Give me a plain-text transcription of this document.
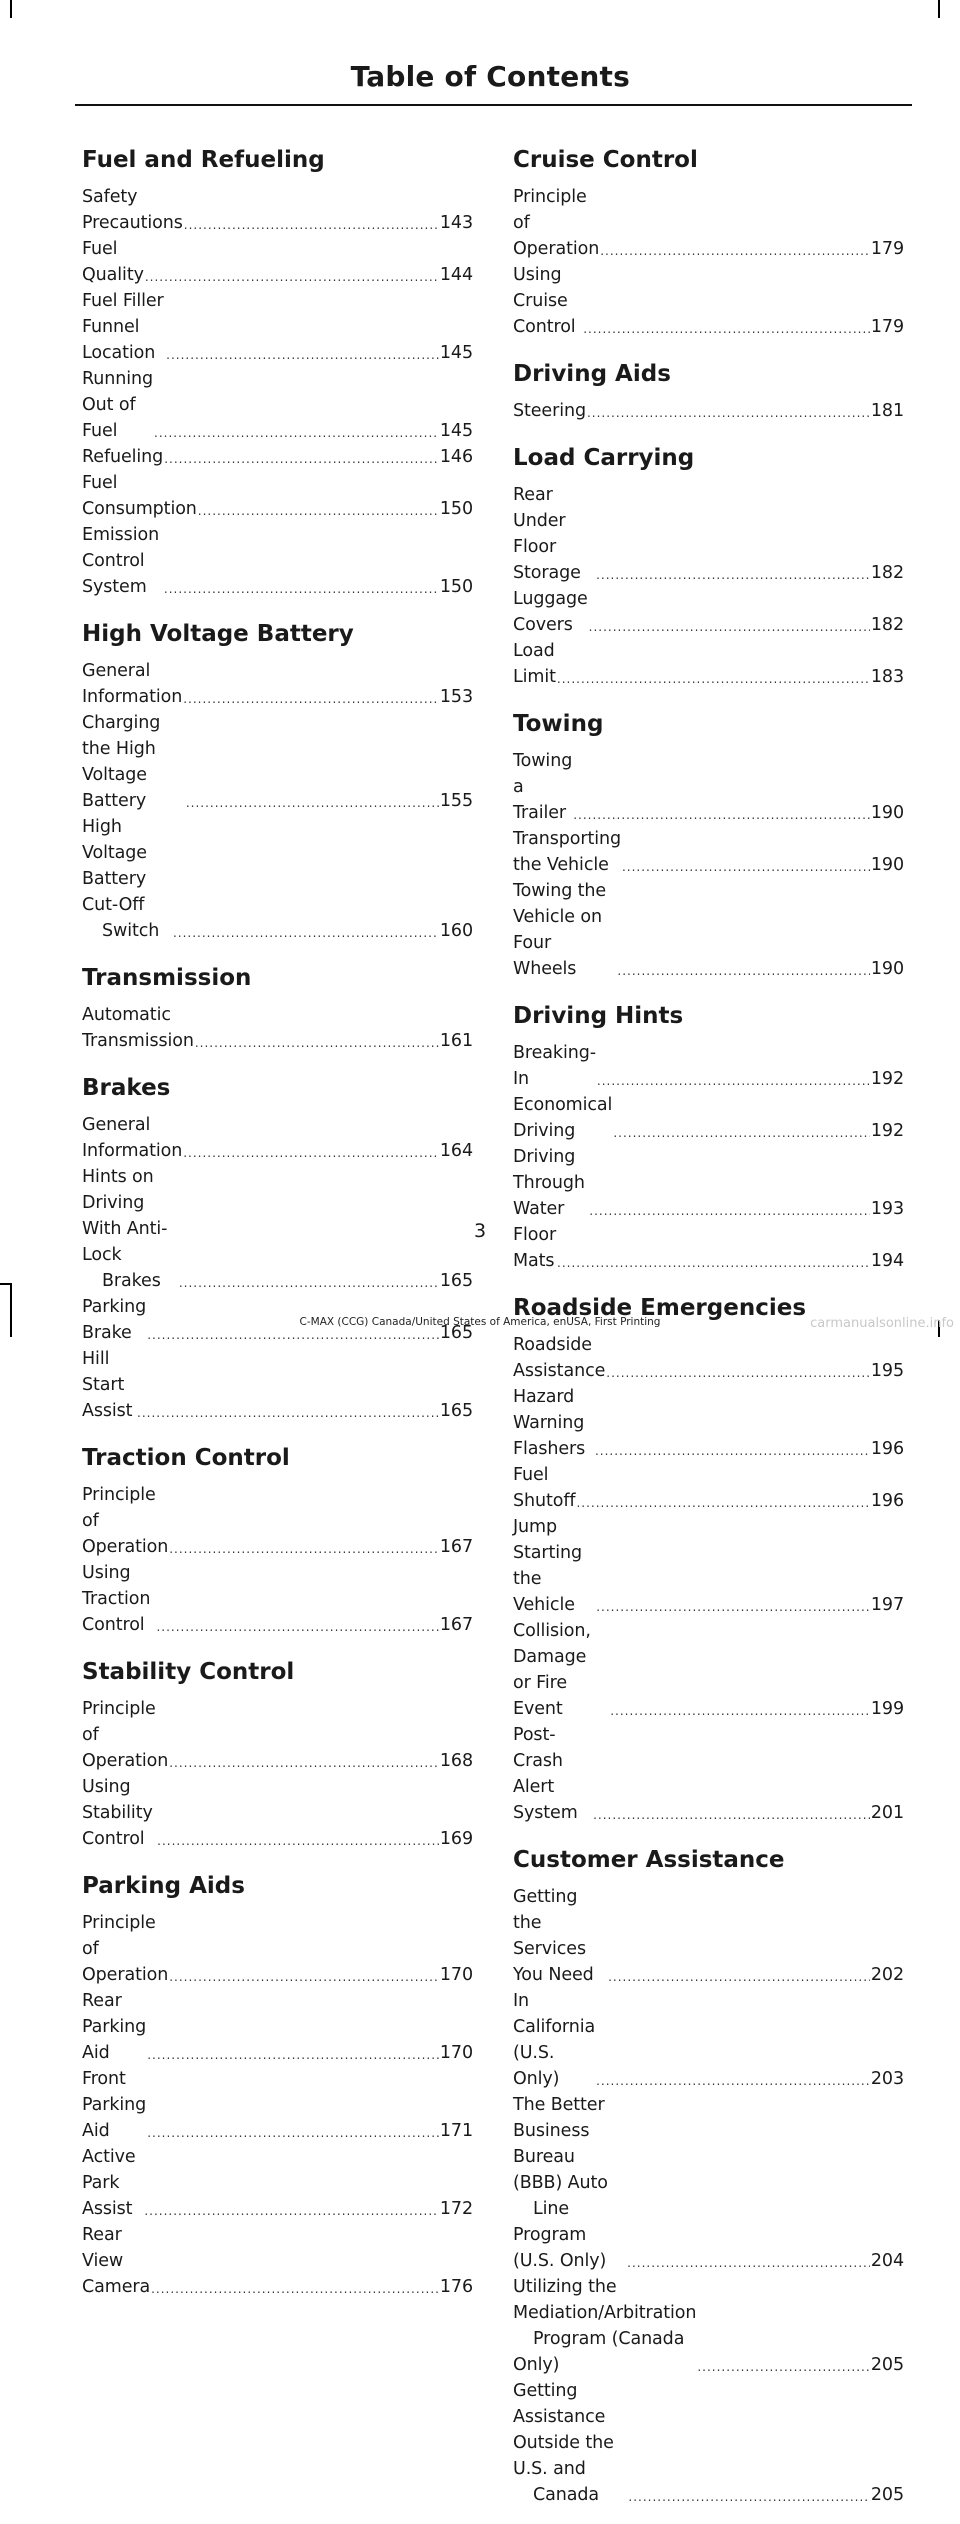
Table of Contents
Fuel and Refueling
Safety Precautions .....	143
Fuel Quality .....	144
Fuel Filler Funnel Location .....	145
Running Out of Fuel .....	145
Refueling .....	146
Fuel Consumption .....	150
Emission Control System .....	150
High Voltage Battery
General Information .....	153
Charging the High Voltage Battery .....	155
High Voltage Battery Cut-Off
Switch .....	160
Transmission
Automatic Transmission .....	161
Brakes
General Information .....	164
Hints on Driving With Anti-Lock
Brakes .....	165
Parking Brake .....	165
Hill Start Assist .....	165
Traction Control
Principle of Operation .....	167
Using Traction Control .....	167
Stability Control
Principle of Operation .....	168
Using Stability Control .....	169
Parking Aids
Principle of Operation .....	170
Rear Parking Aid .....	170
Front Parking Aid .....	171
Active Park Assist .....	172
Rear View Camera .....	176
Cruise Control
Principle of Operation .....	179
Using Cruise Control .....	179
Driving Aids
Steering .....	181
Load Carrying
Rear Under Floor Storage .....	182
Luggage Covers .....	182
Load Limit .....	183
Towing
Towing a Trailer .....	190
Transporting the Vehicle .....	190
Towing the Vehicle on Four Wheels .....	190
Driving Hints
Breaking-In .....	192
Economical Driving .....	192
Driving Through Water .....	193
Floor Mats .....	194
Roadside Emergencies
Roadside Assistance .....	195
Hazard Warning Flashers .....	196
Fuel Shutoff .....	196
Jump Starting the Vehicle .....	197
Collision, Damage or Fire Event .....	199
Post-Crash Alert System .....	201
Customer Assistance
Getting the Services You Need .....	202
In California (U.S. Only) .....	203
The Better Business Bureau (BBB) Auto
Line Program (U.S. Only) .....	204
Utilizing the Mediation/Arbitration
Program (Canada Only) .....	205
Getting Assistance Outside the U.S. and
Canada .....	205
3
C-MAX (CCG) Canada/United States of America, enUSA, First Printing	carmanualsonline.info
